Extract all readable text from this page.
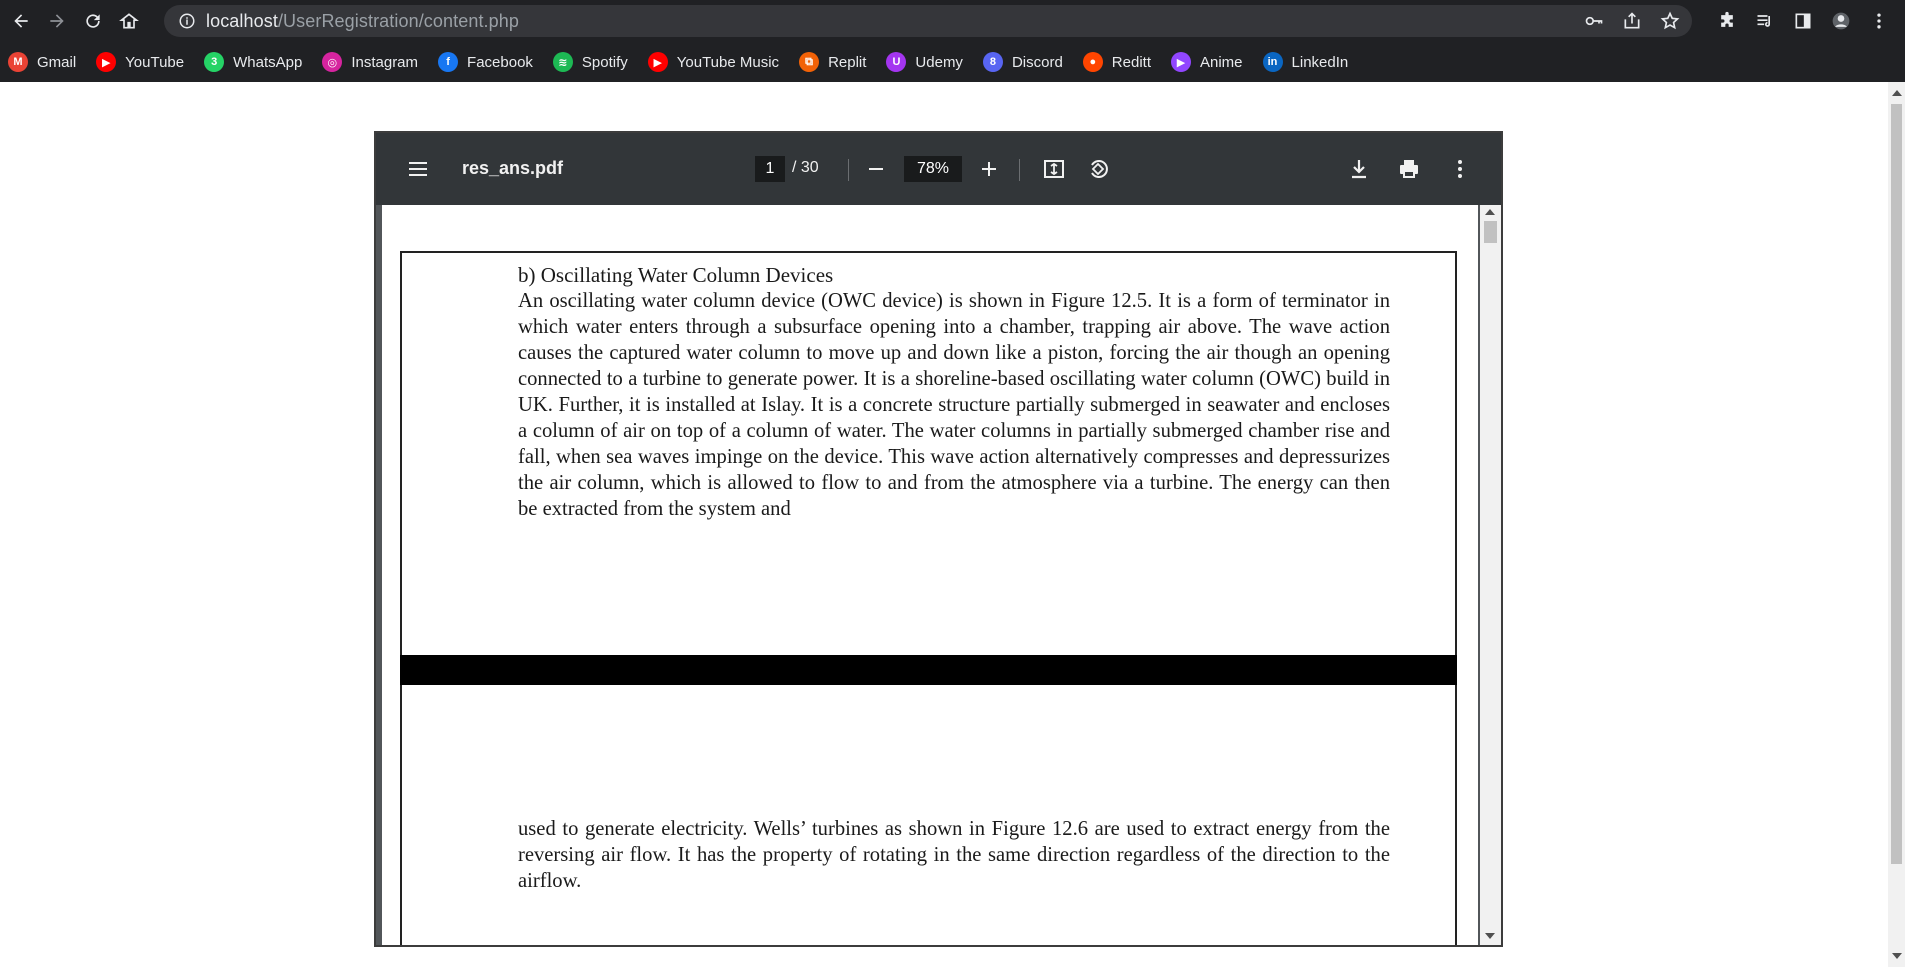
localhost/UserRegistration/content.php
M Gmail	▶ YouTube	3	WhatsApp	◎ Instagram	f	Facebook	≋ Spotify	▶ YouTube Music	⧉	Replit	U	Udemy	8	Discord	●	Reditt	▶ Anime	in LinkedIn
res_ans.pdf	1	/ 30	78%
b) Oscillating Water Column Devices
An oscillating water column device (OWC device) is shown in Figure 12.5. It is a form of terminator in which water enters through a subsurface opening into a chamber, trapping air above. The wave action causes the captured water column to move up and down like a piston, forcing the air though an opening connected to a turbine to generate power. It is a shoreline-based oscillating water column (OWC) build in UK. Further, it is installed at Islay. It is a concrete structure partially submerged in seawater and encloses a column of air on top of a column of water. The water columns in partially submerged chamber rise and fall, when sea waves impinge on the device. This wave action alternatively compresses and depressurizes the air column, which is allowed to flow to and from the atmosphere via a turbine. The energy can then be extracted from the system and
used to generate electricity. Wells’ turbines as shown in Figure 12.6 are used to extract energy from the reversing air flow. It has the property of rotating in the same direction regardless of the direction to the airflow.
